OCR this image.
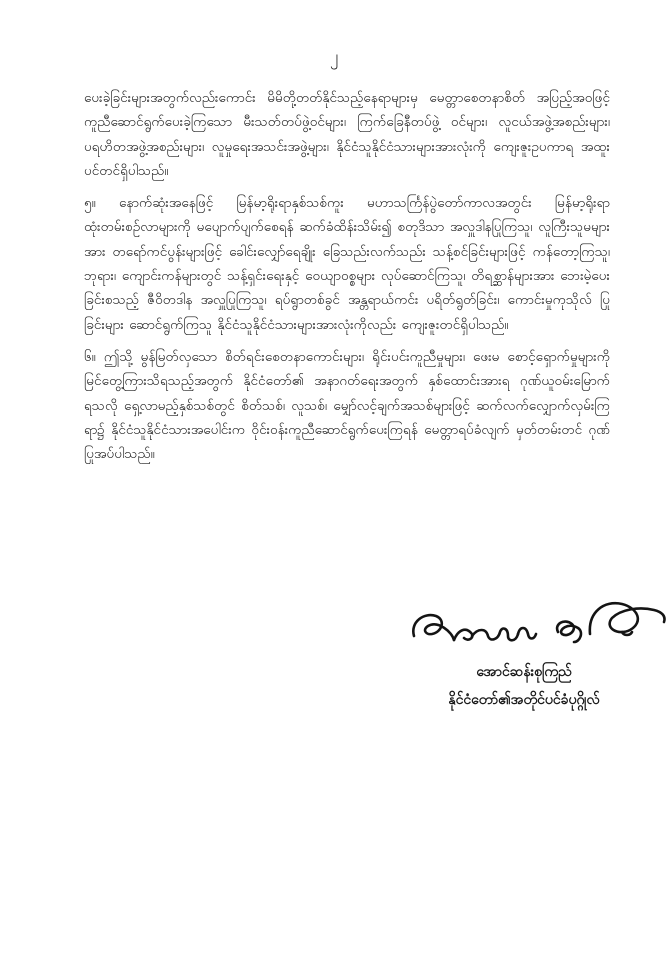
၂

ပေးခဲ့ခြင်းများအတွက်လည်းကောင်း မိမိတို့တတ်နိုင်သည့်နေရာများမှ မေတ္တာစေတနာစိတ် အပြည့်အဝဖြင့် ကူညီဆောင်ရွက်ပေးခဲ့ကြသော မီးသတ်တပ်ဖွဲ့ဝင်များ၊ ကြက်ခြေနီတပ်ဖွဲ့ ဝင်များ၊ လူငယ်အဖွဲ့အစည်းများ၊ ပရဟိတအဖွဲ့အစည်းများ၊ လူမှုရေးအသင်းအဖွဲ့များ၊ နိုင်ငံသူနိုင်ငံသားများအားလုံးကို ကျေးဇူးဥပကာရ အထူးပင်တင်ရှိပါသည်။

၅။ နောက်ဆုံးအနေဖြင့် မြန်မာ့ရိုးရာနှစ်သစ်ကူး မဟာသင်္ကြန်ပွဲတော်ကာလအတွင်း မြန်မာ့ရိုးရာ ထုံးတမ်းစဉ်လာများကို မပျောက်ပျက်စေရန် ဆက်ခံထိန်းသိမ်း၍ စတုဒိသာ အလှူဒါနပြုကြသူ၊ လူကြီးသူမများအား တရော်ကင်ပွန်းများဖြင့် ခေါင်းလျှော်ရေချိုး ခြေသည်းလက်သည်း သန့်စင်ခြင်းများဖြင့် ကန်တော့ကြသူ၊ ဘုရား၊ ကျောင်းကန်များတွင် သန့်ရှင်းရေးနှင့် ဝေယျာဝစ္စများ လုပ်ဆောင်ကြသူ၊ တိရစ္ဆာန်များအား ဘေးမဲ့ပေးခြင်းစသည့် ဇီဝိတဒါန အလှူပြုကြသူ၊ ရပ်ရွာတစ်ခွင် အန္တရာယ်ကင်း ပရိတ်ရွတ်ခြင်း၊ ကောင်းမှုကုသိုလ် ပြုခြင်းများ ဆောင်ရွက်ကြသူ နိုင်ငံသူနိုင်ငံသားများအားလုံးကိုလည်း ကျေးဇူးတင်ရှိပါသည်။

၆။ ဤသို့ မွန်မြတ်လှသော စိတ်ရင်းစေတနာကောင်းများ၊ ရိုင်းပင်းကူညီမှုများ၊ ဖေးမ စောင့်ရှောက်မှုများကို မြင်တွေ့ကြားသိရသည့်အတွက် နိုင်ငံတော်၏ အနာဂတ်ရေးအတွက် နှစ်ထောင်းအားရ ဂုဏ်ယူဝမ်းမြောက်ရသလို ရှေ့လာမည့်နှစ်သစ်တွင် စိတ်သစ်၊ လူသစ်၊ မျှော်လင့်ချက်အသစ်များဖြင့် ဆက်လက်လျှောက်လှမ်းကြရာ၌ နိုင်ငံသူနိုင်ငံသားအပေါင်းက ဝိုင်းဝန်းကူညီဆောင်ရွက်ပေးကြရန် မေတ္တာရပ်ခံလျက် မှတ်တမ်းတင် ဂုဏ်ပြုအပ်ပါသည်။

အောင်ဆန်းစုကြည်
နိုင်ငံတော်၏အတိုင်ပင်ခံပုဂ္ဂိုလ်
